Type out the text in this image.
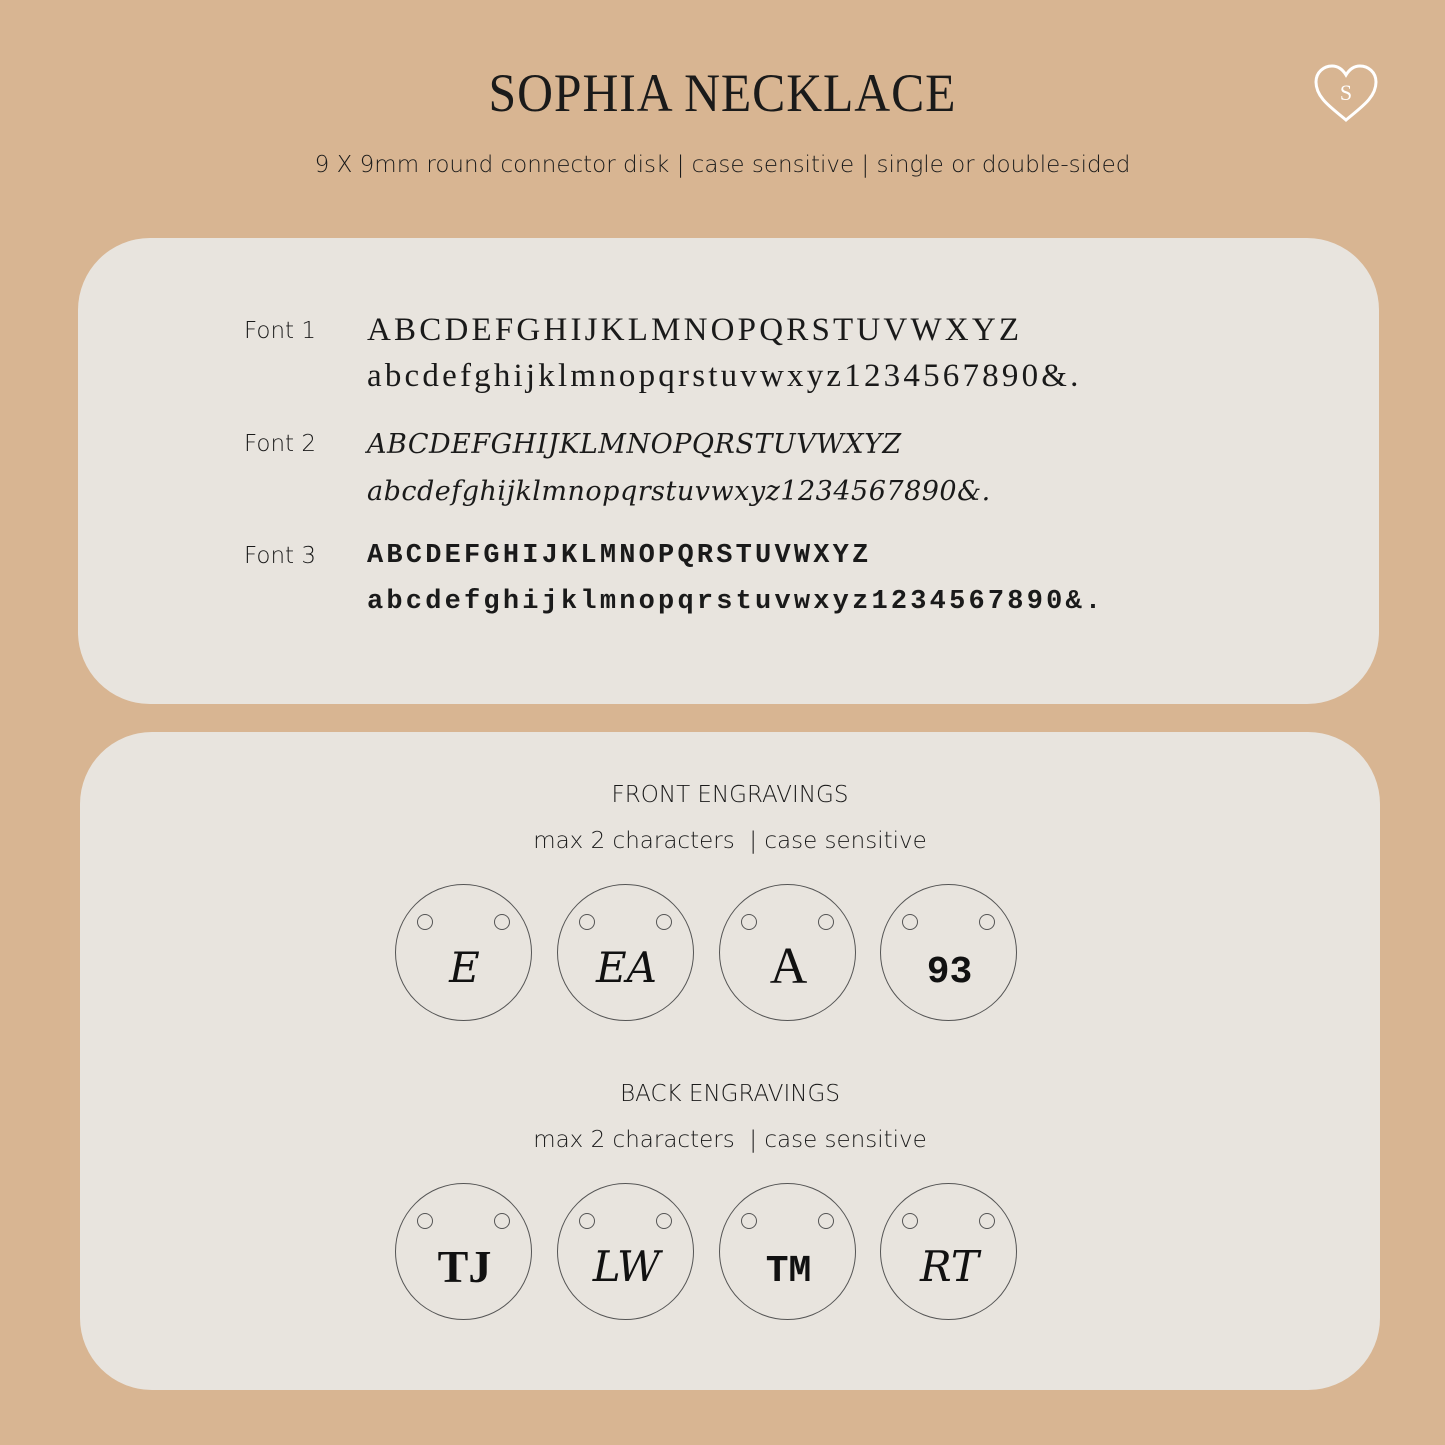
SOPHIA NECKLACE
9 X 9mm round connector disk | case sensitive | single or double-sided
S
Font 1 ABCDEFGHIJKLMNOPQRSTUVWXYZ
abcdefghijklmnopqrstuvwxyz1234567890&.
Font 2 ABCDEFGHIJKLMNOPQRSTUVWXYZ
abcdefghijklmnopqrstuvwxyz1234567890&.
Font 3 ABCDEFGHIJKLMNOPQRSTUVWXYZ
abcdefghijklmnopqrstuvwxyz1234567890&.
FRONT ENGRAVINGS
max 2 characters  | case sensitive
E	EA	A	93
BACK ENGRAVINGS
max 2 characters  | case sensitive
TJ	LW	TM	RT
